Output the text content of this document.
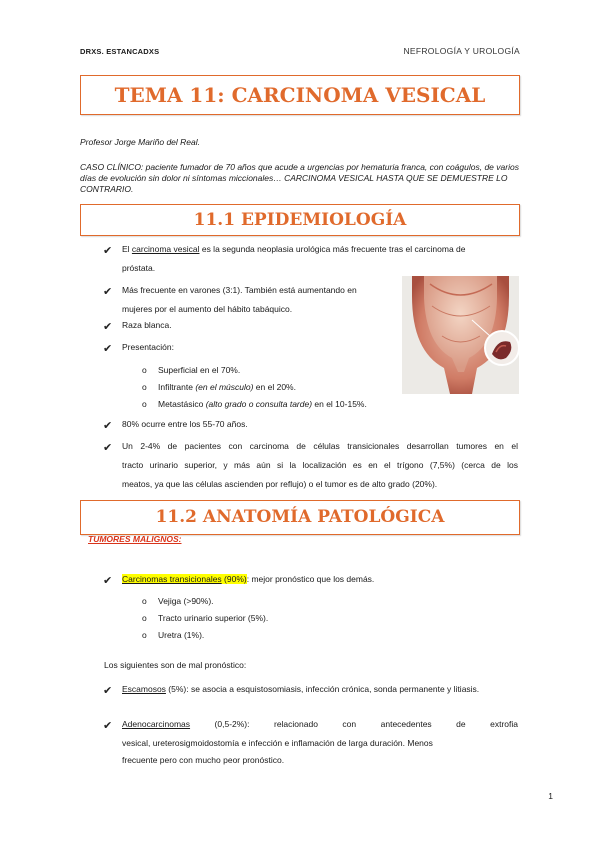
DRXS. ESTANCADXS	NEFROLOGÍA Y UROLOGÍA
TEMA 11: CARCINOMA VESICAL
Profesor Jorge Mariño del Real.
CASO CLÍNICO: paciente fumador de 70 años que acude a urgencias por hematuria franca, con coágulos, de varios días de evolución sin dolor ni síntomas miccionales… CARCINOMA VESICAL HASTA QUE SE DEMUESTRE LO CONTRARIO.
11.1 EPIDEMIOLOGÍA
✔ El carcinoma vesical es la segunda neoplasia urológica más frecuente tras el carcinoma de
próstata.
✔ Más frecuente en varones (3:1). También está aumentando en
mujeres por el aumento del hábito tabáquico.
✔ Raza blanca.
✔ Presentación:
o Superficial en el 70%.
o Infiltrante (en el músculo) en el 20%.
o Metastásico (alto grado o consulta tarde) en el 10-15%.
✔ 80% ocurre entre los 55-70 años.
✔ Un 2-4% de pacientes con carcinoma de células transicionales desarrollan tumores en el
tracto urinario superior, y más aún si la localización es en el trígono (7,5%) (cerca de los
meatos, ya que las células ascienden por reflujo) o el tumor es de alto grado (20%).
11.2 ANATOMÍA PATOLÓGICA
TUMORES MALIGNOS:
✔ Carcinomas transicionales (90%): mejor pronóstico que los demás.
o Vejiga (>90%).
o Tracto urinario superior (5%).
o Uretra (1%).
Los siguientes son de mal pronóstico:
✔ Escamosos (5%): se asocia a esquistosomiasis, infección crónica, sonda permanente y litiasis.
✔ Adenocarcinomas (0,5-2%): relacionado con antecedentes de extrofia
vesical, ureterosigmoidostomía e infección e inflamación de larga duración. Menos
frecuente pero con mucho peor pronóstico.
1
